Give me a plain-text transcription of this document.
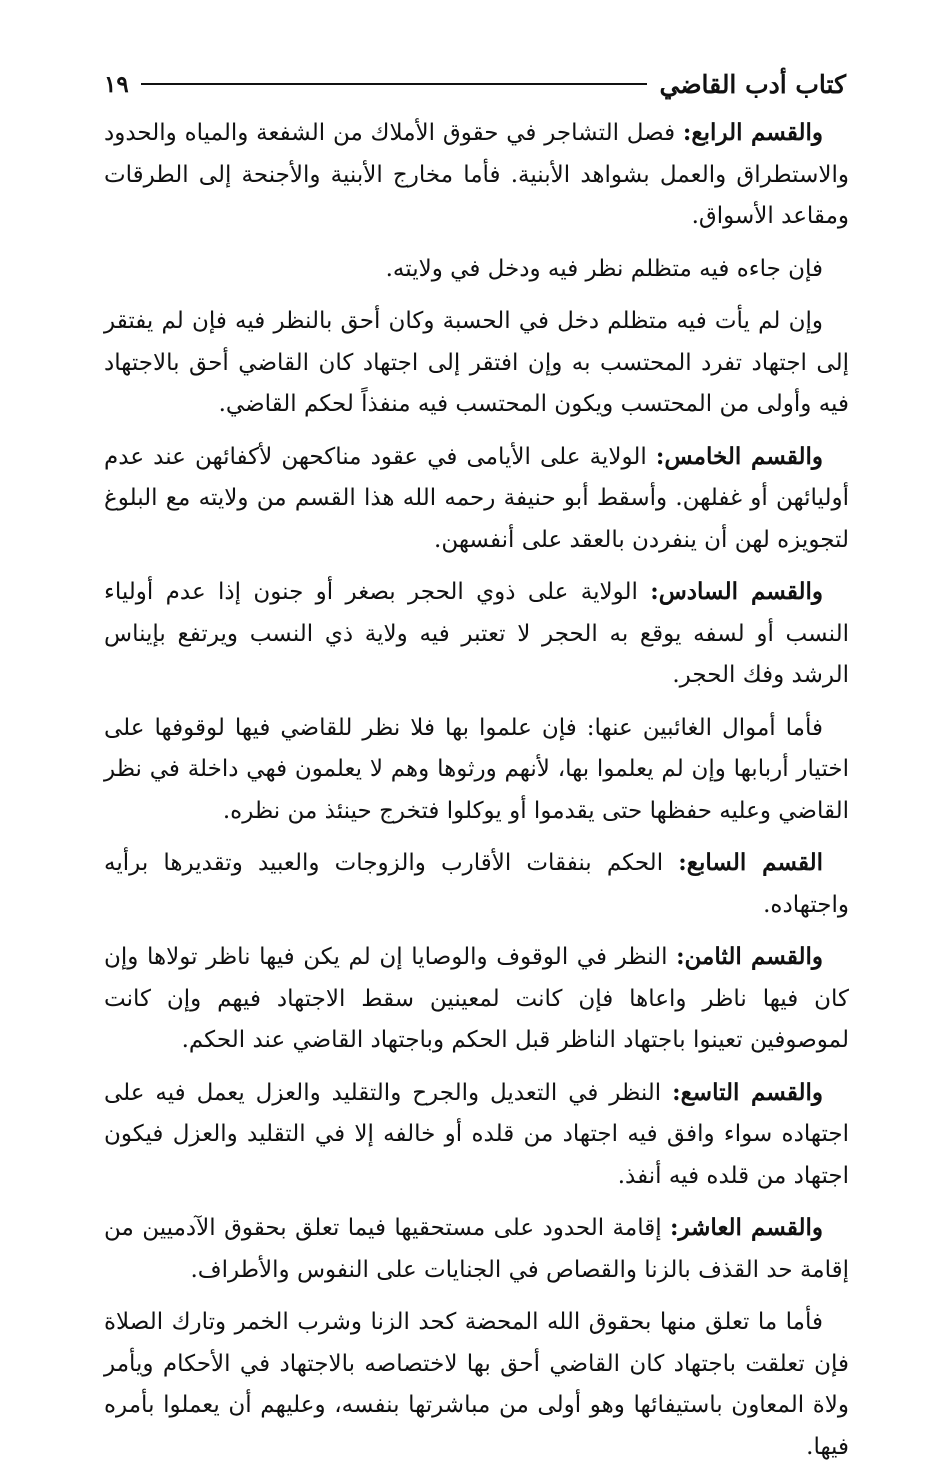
كتاب أدب القاضي
١٩

والقسم الرابع: فصل التشاجر في حقوق الأملاك من الشفعة والمياه والحدود والاستطراق والعمل بشواهد الأبنية. فأما مخارج الأبنية والأجنحة إلى الطرقات ومقاعد الأسواق.

فإن جاءه فيه متظلم نظر فيه ودخل في ولايته.

وإن لم يأت فيه متظلم دخل في الحسبة وكان أحق بالنظر فيه فإن لم يفتقر إلى اجتهاد تفرد المحتسب به وإن افتقر إلى اجتهاد كان القاضي أحق بالاجتهاد فيه وأولى من المحتسب ويكون المحتسب فيه منفذاً لحكم القاضي.

والقسم الخامس: الولاية على الأيامى في عقود مناكحهن لأكفائهن عند عدم أوليائهن أو غفلهن. وأسقط أبو حنيفة رحمه الله هذا القسم من ولايته مع البلوغ لتجويزه لهن أن ينفردن بالعقد على أنفسهن.

والقسم السادس: الولاية على ذوي الحجر بصغر أو جنون إذا عدم أولياء النسب أو لسفه يوقع به الحجر لا تعتبر فيه ولاية ذي النسب ويرتفع بإيناس الرشد وفك الحجر.

فأما أموال الغائبين عنها: فإن علموا بها فلا نظر للقاضي فيها لوقوفها على اختيار أربابها وإن لم يعلموا بها، لأنهم ورثوها وهم لا يعلمون فهي داخلة في نظر القاضي وعليه حفظها حتى يقدموا أو يوكلوا فتخرج حينئذ من نظره.

القسم السابع: الحكم بنفقات الأقارب والزوجات والعبيد وتقديرها برأيه واجتهاده.

والقسم الثامن: النظر في الوقوف والوصايا إن لم يكن فيها ناظر تولاها وإن كان فيها ناظر واعاها فإن كانت لمعينين سقط الاجتهاد فيهم وإن كانت لموصوفين تعينوا باجتهاد الناظر قبل الحكم وباجتهاد القاضي عند الحكم.

والقسم التاسع: النظر في التعديل والجرح والتقليد والعزل يعمل فيه على اجتهاده سواء وافق فيه اجتهاد من قلده أو خالفه إلا في التقليد والعزل فيكون اجتهاد من قلده فيه أنفذ.

والقسم العاشر: إقامة الحدود على مستحقيها فيما تعلق بحقوق الآدميين من إقامة حد القذف بالزنا والقصاص في الجنايات على النفوس والأطراف.

فأما ما تعلق منها بحقوق الله المحضة كحد الزنا وشرب الخمر وتارك الصلاة فإن تعلقت باجتهاد كان القاضي أحق بها لاختصاصه بالاجتهاد في الأحكام ويأمر ولاة المعاون باستيفائها وهو أولى من مباشرتها بنفسه، وعليهم أن يعملوا بأمره فيها.
